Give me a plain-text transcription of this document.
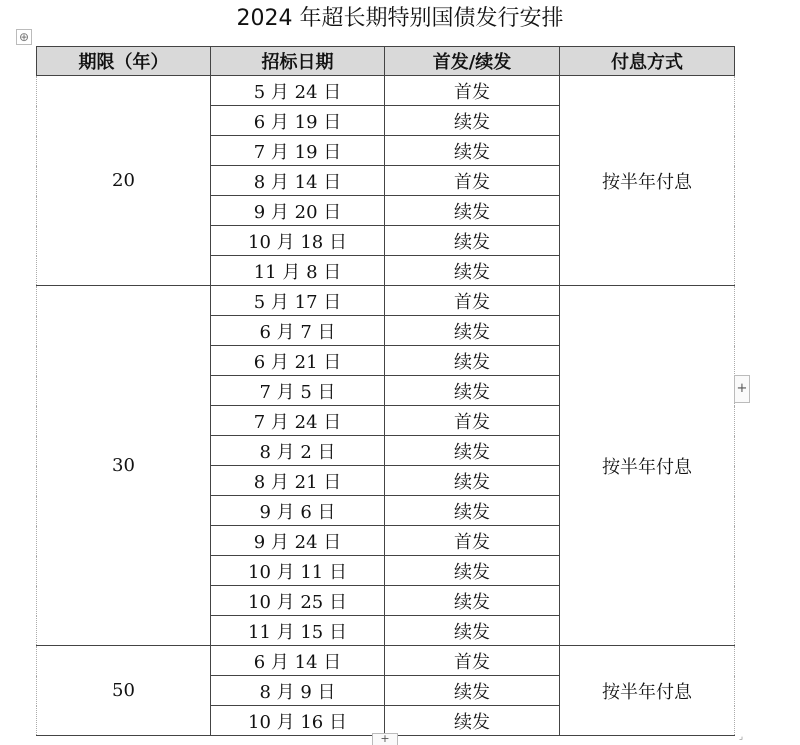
2024 年超长期特别国债发行安排
⊕
期限（年）	招标日期	首发/续发	付息方式
20	5 月 24 日	首发	按半年付息
	6 月 19 日	续发	
	7 月 19 日	续发	
	8 月 14 日	首发	
	9 月 20 日	续发	
	10 月 18 日	续发	
	11 月 8 日	续发	
30	5 月 17 日	首发	按半年付息
	6 月 7 日	续发	
	6 月 21 日	续发	
	7 月 5 日	续发	
	7 月 24 日	首发	
	8 月 2 日	续发	
	8 月 21 日	续发	
	9 月 6 日	续发	
	9 月 24 日	首发	
	10 月 11 日	续发	
	10 月 25 日	续发	
	11 月 15 日	续发	
50	6 月 14 日	首发	按半年付息
	8 月 9 日	续发	
	10 月 16 日	续发	
+
+	⌟
